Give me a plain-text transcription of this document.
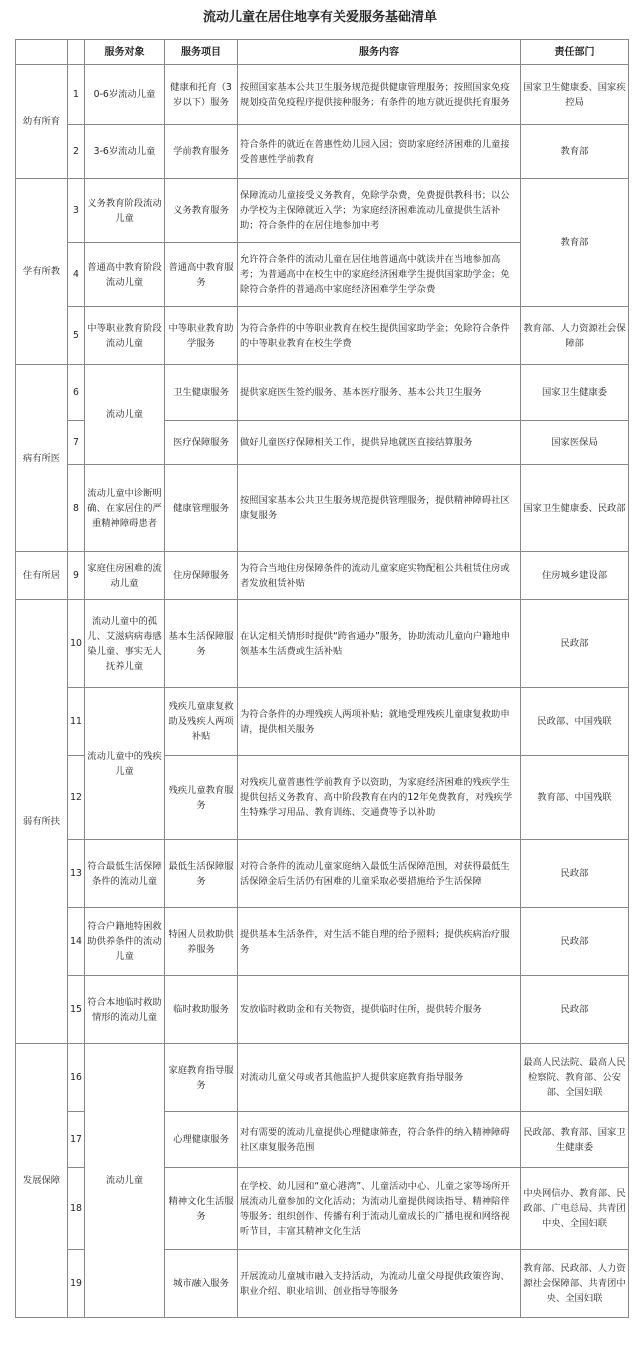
流动儿童在居住地享有关爱服务基础清单
		服务对象	服务项目	服务内容	责任部门
幼有所育	1	0-6岁流动儿童	健康和托育（3岁以下）服务	按照国家基本公共卫生服务规范提供健康管理服务；按照国家免疫规划疫苗免疫程序提供接种服务；有条件的地方就近提供托育服务	国家卫生健康委、国家疾控局
	2	3-6岁流动儿童	学前教育服务	符合条件的就近在普惠性幼儿园入园；资助家庭经济困难的儿童接受普惠性学前教育	教育部
学有所教	3	义务教育阶段流动儿童	义务教育服务	保障流动儿童接受义务教育，免除学杂费，免费提供教科书；以公办学校为主保障就近入学；为家庭经济困难流动儿童提供生活补助；符合条件的在居住地参加中考	教育部
	4	普通高中教育阶段流动儿童	普通高中教育服务	允许符合条件的流动儿童在居住地普通高中就读并在当地参加高考；为普通高中在校生中的家庭经济困难学生提供国家助学金；免除符合条件的普通高中家庭经济困难学生学杂费	
	5	中等职业教育阶段流动儿童	中等职业教育助学服务	为符合条件的中等职业教育在校生提供国家助学金；免除符合条件的中等职业教育在校生学费	教育部、人力资源社会保障部
病有所医	6	流动儿童	卫生健康服务	提供家庭医生签约服务、基本医疗服务、基本公共卫生服务	国家卫生健康委
	7		医疗保障服务	做好儿童医疗保障相关工作，提供异地就医直接结算服务	国家医保局
	8	流动儿童中诊断明确、在家居住的严重精神障碍患者	健康管理服务	按照国家基本公共卫生服务规范提供管理服务，提供精神障碍社区康复服务	国家卫生健康委、民政部
住有所居	9	家庭住房困难的流动儿童	住房保障服务	为符合当地住房保障条件的流动儿童家庭实物配租公共租赁住房或者发放租赁补贴	住房城乡建设部
弱有所扶	10	流动儿童中的孤儿、艾滋病病毒感染儿童、事实无人抚养儿童	基本生活保障服务	在认定相关情形时提供“跨省通办”服务，协助流动儿童向户籍地申领基本生活费或生活补贴	民政部
	11	流动儿童中的残疾儿童	残疾儿童康复救助及残疾人两项补贴	为符合条件的办理残疾人两项补贴；就地受理残疾儿童康复救助申请，提供相关服务	民政部、中国残联
	12		残疾儿童教育服务	对残疾儿童普惠性学前教育予以资助，为家庭经济困难的残疾学生提供包括义务教育、高中阶段教育在内的12年免费教育，对残疾学生特殊学习用品、教育训练、交通费等予以补助	教育部、中国残联
	13	符合最低生活保障条件的流动儿童	最低生活保障服务	对符合条件的流动儿童家庭纳入最低生活保障范围，对获得最低生活保障金后生活仍有困难的儿童采取必要措施给予生活保障	民政部
	14	符合户籍地特困救助供养条件的流动儿童	特困人员救助供养服务	提供基本生活条件，对生活不能自理的给予照料；提供疾病治疗服务	民政部
	15	符合本地临时救助情形的流动儿童	临时救助服务	发放临时救助金和有关物资，提供临时住所，提供转介服务	民政部
发展保障	16	流动儿童	家庭教育指导服务	对流动儿童父母或者其他监护人提供家庭教育指导服务	最高人民法院、最高人民检察院、教育部、公安部、全国妇联
	17		心理健康服务	对有需要的流动儿童提供心理健康筛查，符合条件的纳入精神障碍社区康复服务范围	民政部、教育部、国家卫生健康委
	18		精神文化生活服务	在学校、幼儿园和“童心港湾”、儿童活动中心、儿童之家等场所开展流动儿童参加的文化活动；为流动儿童提供阅读指导、精神陪伴等服务；组织创作、传播有利于流动儿童成长的广播电视和网络视听节目，丰富其精神文化生活	中央网信办、教育部、民政部、广电总局、共青团中央、全国妇联
	19		城市融入服务	开展流动儿童城市融入支持活动，为流动儿童父母提供政策咨询、职业介绍、职业培训、创业指导等服务	教育部、民政部、人力资源社会保障部、共青团中央、全国妇联
